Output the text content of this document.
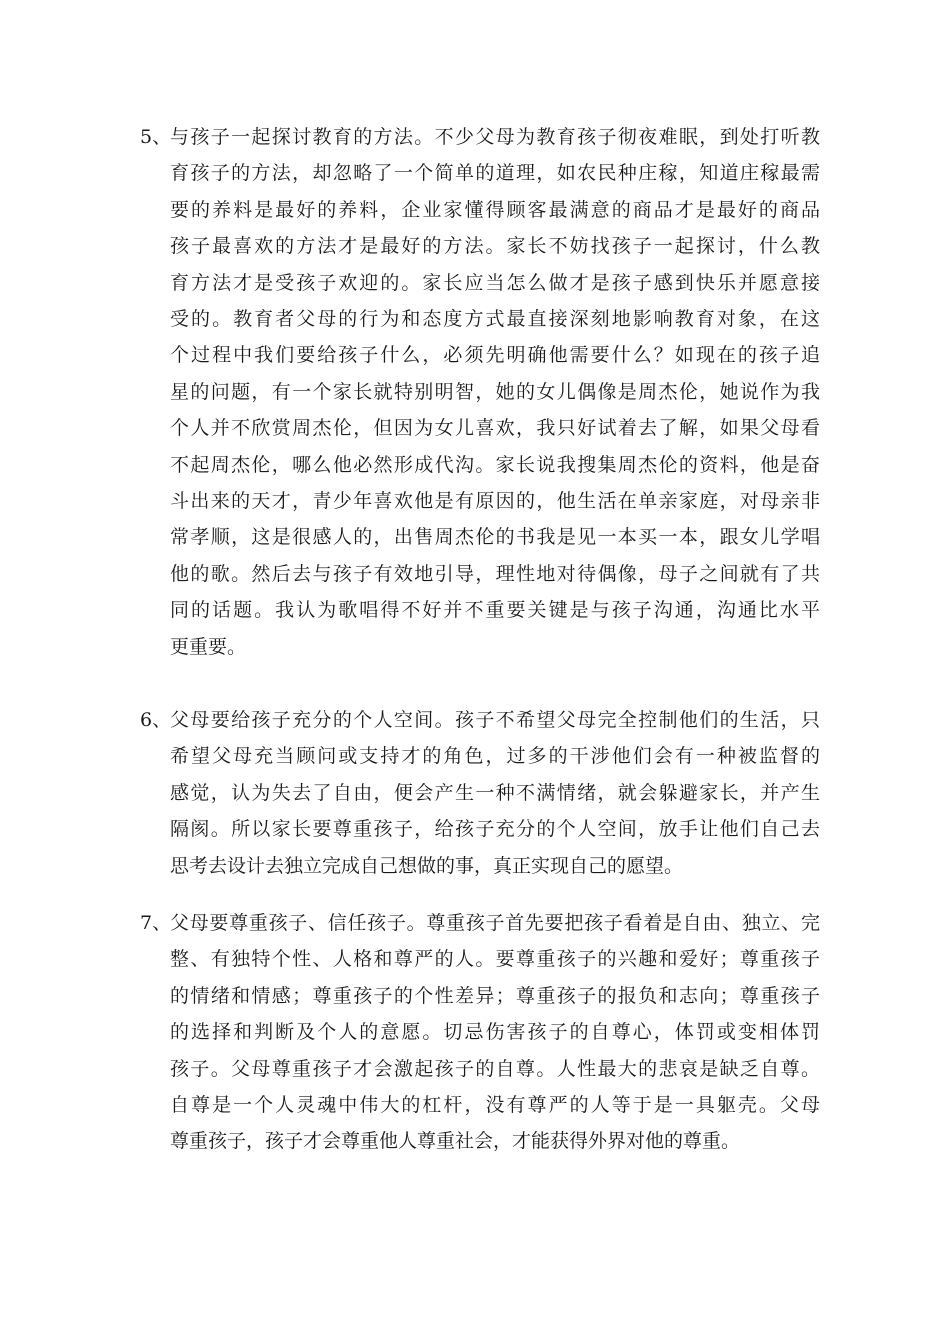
5、
与孩子一起探讨教育的方法。不少父母为教育孩子彻夜难眠，到处打听教
育孩子的方法，却忽略了一个简单的道理，如农民种庄稼，知道庄稼最需
要的养料是最好的养料，企业家懂得顾客最满意的商品才是最好的商品
孩子最喜欢的方法才是最好的方法。家长不妨找孩子一起探讨，什么教
育方法才是受孩子欢迎的。家长应当怎么做才是孩子感到快乐并愿意接
受的。教育者父母的行为和态度方式最直接深刻地影响教育对象，在这
个过程中我们要给孩子什么，必须先明确他需要什么？如现在的孩子追
星的问题，有一个家长就特别明智，她的女儿偶像是周杰伦，她说作为我
个人并不欣赏周杰伦，但因为女儿喜欢，我只好试着去了解，如果父母看
不起周杰伦，哪么他必然形成代沟。家长说我搜集周杰伦的资料，他是奋
斗出来的天才，青少年喜欢他是有原因的，他生活在单亲家庭，对母亲非
常孝顺，这是很感人的，出售周杰伦的书我是见一本买一本，跟女儿学唱
他的歌。然后去与孩子有效地引导，理性地对待偶像，母子之间就有了共
同的话题。我认为歌唱得不好并不重要关键是与孩子沟通，沟通比水平
更重要。
6、
父母要给孩子充分的个人空间。孩子不希望父母完全控制他们的生活，只
希望父母充当顾问或支持才的角色，过多的干涉他们会有一种被监督的
感觉，认为失去了自由，便会产生一种不满情绪，就会躲避家长，并产生
隔阂。所以家长要尊重孩子，给孩子充分的个人空间，放手让他们自己去
思考去设计去独立完成自己想做的事，真正实现自己的愿望。
7、
父母要尊重孩子、信任孩子。尊重孩子首先要把孩子看着是自由、独立、完
整、有独特个性、人格和尊严的人。要尊重孩子的兴趣和爱好；尊重孩子
的情绪和情感；尊重孩子的个性差异；尊重孩子的报负和志向；尊重孩子
的选择和判断及个人的意愿。切忌伤害孩子的自尊心，体罚或变相体罚
孩子。父母尊重孩子才会激起孩子的自尊。人性最大的悲哀是缺乏自尊。
自尊是一个人灵魂中伟大的杠杆，没有尊严的人等于是一具躯壳。父母
尊重孩子，孩子才会尊重他人尊重社会，才能获得外界对他的尊重。
